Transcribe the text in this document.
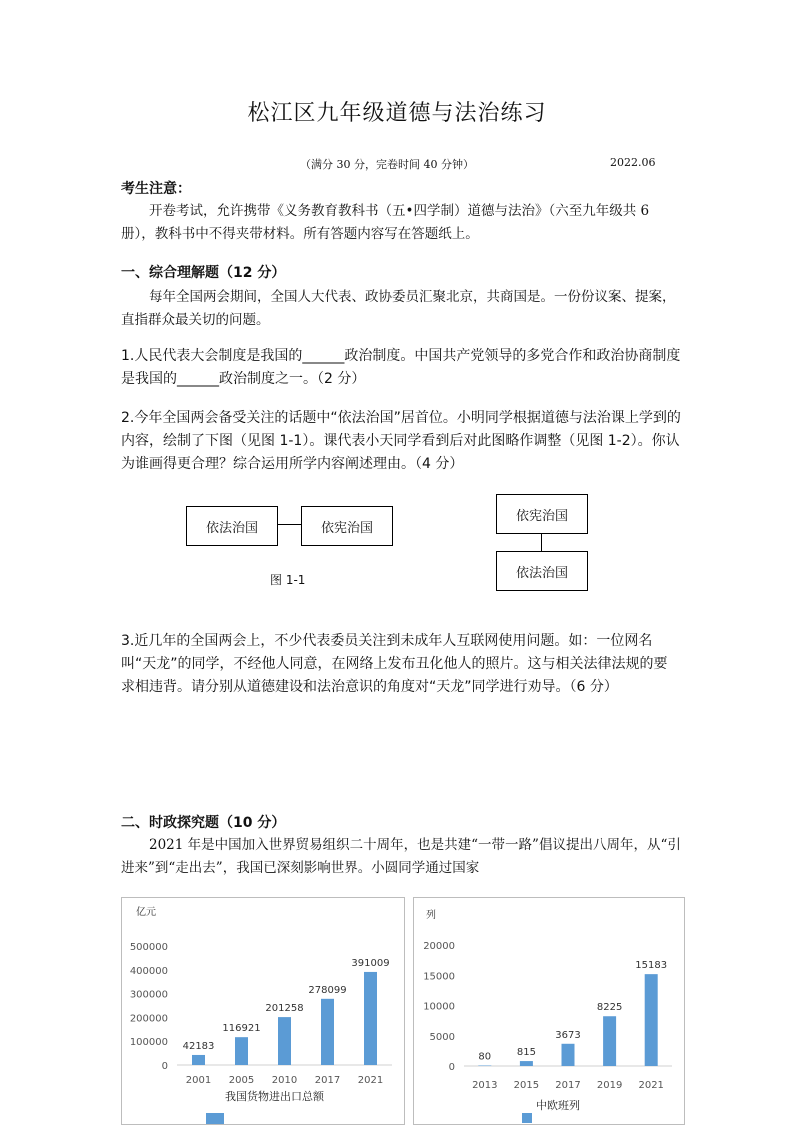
松江区九年级道德与法治练习
（满分 30 分，完卷时间 40 分钟）	2022.06
考生注意：
开卷考试，允许携带《义务教育教科书（五•四学制）道德与法治》（六至九年级共 6 册），教科书中不得夹带材料。所有答题内容写在答题纸上。
一、综合理解题（12 分）
每年全国两会期间，全国人大代表、政协委员汇聚北京，共商国是。一份份议案、提案，直指群众最关切的问题。
1.人民代表大会制度是我国的______政治制度。中国共产党领导的多党合作和政治协商制度是我国的______政治制度之一。（2 分）
2.今年全国两会备受关注的话题中“依法治国”居首位。小明同学根据道德与法治课上学到的内容，绘制了下图（见图 1-1）。课代表小天同学看到后对此图略作调整（见图 1-2）。你认为谁画得更合理？综合运用所学内容阐述理由。（4 分）
依法治国	依宪治国
图 1-1
依宪治国
依法治国
3.近几年的全国两会上，不少代表委员关注到未成年人互联网使用问题。如：一位网名叫“天龙”的同学，不经他人同意，在网络上发布丑化他人的照片。这与相关法律法规的要求相违背。请分别从道德建设和法治意识的角度对“天龙”同学进行劝导。（6 分）
二、时政探究题（10 分）
2021 年是中国加入世界贸易组织二十周年，也是共建“一带一路”倡议提出八周年，从“引进来”到“走出去”，我国已深刻影响世界。小圆同学通过国家
亿元
0
100000
200000
300000
400000
500000
42183
2001
116921
2005
201258
2010
278099
2017
391009
2021
我国货物进出口总额
列
0
5000
10000
15000
20000
80
2013
815
2015
3673
2017
8225
2019
15183
2021
中欧班列
